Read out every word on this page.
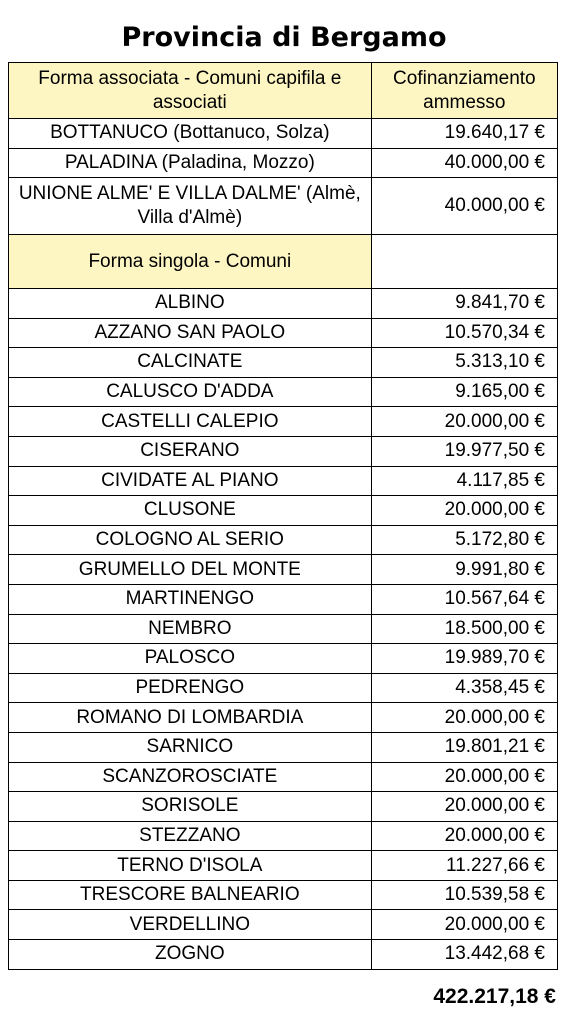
Provincia di Bergamo
Forma associata - Comuni capifila e associati	Cofinanziamento ammesso

BOTTANUCO (Bottanuco, Solza)	19.640,17 €
PALADINA (Paladina, Mozzo)	40.000,00 €
UNIONE ALME' E VILLA DALME' (Almè, Villa d'Almè)	40.000,00 €
Forma singola - Comuni	
ALBINO	9.841,70 €
AZZANO SAN PAOLO	10.570,34 €
CALCINATE	5.313,10 €
CALUSCO D'ADDA	9.165,00 €
CASTELLI CALEPIO	20.000,00 €
CISERANO	19.977,50 €
CIVIDATE AL PIANO	4.117,85 €
CLUSONE	20.000,00 €
COLOGNO AL SERIO	5.172,80 €
GRUMELLO DEL MONTE	9.991,80 €
MARTINENGO	10.567,64 €
NEMBRO	18.500,00 €
PALOSCO	19.989,70 €
PEDRENGO	4.358,45 €
ROMANO DI LOMBARDIA	20.000,00 €
SARNICO	19.801,21 €
SCANZOROSCIATE	20.000,00 €
SORISOLE	20.000,00 €
STEZZANO	20.000,00 €
TERNO D'ISOLA	11.227,66 €
TRESCORE BALNEARIO	10.539,58 €
VERDELLINO	20.000,00 €
ZOGNO	13.442,68 €
422.217,18 €
